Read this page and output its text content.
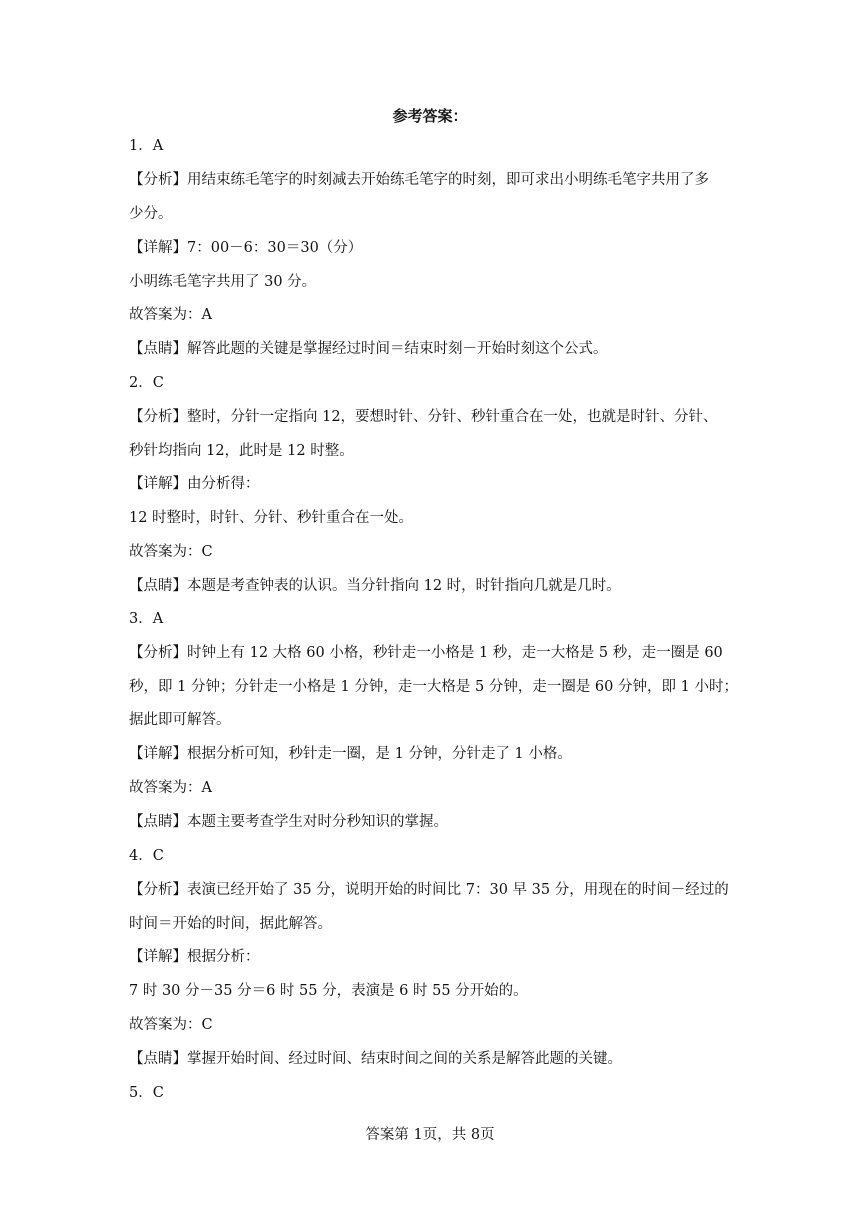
参考答案：
1．A
【分析】用结束练毛笔字的时刻减去开始练毛笔字的时刻，即可求出小明练毛笔字共用了多
少分。
【详解】7：00－6：30＝30（分）
小明练毛笔字共用了 30 分。
故答案为：A
【点睛】解答此题的关键是掌握经过时间＝结束时刻－开始时刻这个公式。
2．C
【分析】整时，分针一定指向 12，要想时针、分针、秒针重合在一处，也就是时针、分针、
秒针均指向 12，此时是 12 时整。
【详解】由分析得：
12 时整时，时针、分针、秒针重合在一处。
故答案为：C
【点睛】本题是考查钟表的认识。当分针指向 12 时，时针指向几就是几时。
3．A
【分析】时钟上有 12 大格 60 小格，秒针走一小格是 1 秒，走一大格是 5 秒，走一圈是 60
秒，即 1 分钟；分针走一小格是 1 分钟，走一大格是 5 分钟，走一圈是 60 分钟，即 1 小时；
据此即可解答。
【详解】根据分析可知，秒针走一圈，是 1 分钟，分针走了 1 小格。
故答案为：A
【点睛】本题主要考查学生对时分秒知识的掌握。
4．C
【分析】表演已经开始了 35 分，说明开始的时间比 7：30 早 35 分，用现在的时间－经过的
时间＝开始的时间，据此解答。
【详解】根据分析：
7 时 30 分－35 分＝6 时 55 分，表演是 6 时 55 分开始的。
故答案为：C
【点睛】掌握开始时间、经过时间、结束时间之间的关系是解答此题的关键。
5．C
答案第 1页，共 8页
